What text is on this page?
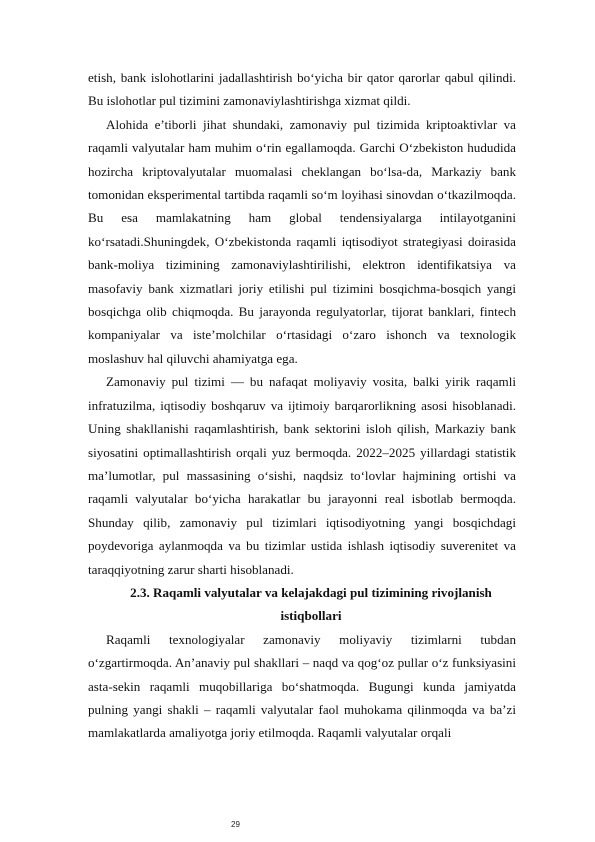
etish, bank islohotlarini jadallashtirish bo‘yicha bir qator qarorlar qabul qilindi. Bu islohotlar pul tizimini zamonaviylashtirishga xizmat qildi.

Alohida e’tiborli jihat shundaki, zamonaviy pul tizimida kriptoaktivlar va raqamli valyutalar ham muhim o‘rin egallamoqda. Garchi O‘zbekiston hududida hozircha kriptovalyutalar muomalasi cheklangan bo‘lsa-da, Markaziy bank tomonidan eksperimental tartibda raqamli so‘m loyihasi sinovdan o‘tkazilmoqda. Bu esa mamlakatning ham global tendensiyalarga intilayotganini ko‘rsatadi.Shuningdek, O‘zbekistonda raqamli iqtisodiyot strategiyasi doirasida bank-moliya tizimining zamonaviylashtirilishi, elektron identifikatsiya va masofaviy bank xizmatlari joriy etilishi pul tizimini bosqichma-bosqich yangi bosqichga olib chiqmoqda. Bu jarayonda regulyatorlar, tijorat banklari, fintech kompaniyalar va iste’molchilar o‘rtasidagi o‘zaro ishonch va texnologik moslashuv hal qiluvchi ahamiyatga ega.

Zamonaviy pul tizimi — bu nafaqat moliyaviy vosita, balki yirik raqamli infratuzilma, iqtisodiy boshqaruv va ijtimoiy barqarorlikning asosi hisoblanadi. Uning shakllanishi raqamlashtirish, bank sektorini isloh qilish, Markaziy bank siyosatini optimallashtirish orqali yuz bermoqda. 2022–2025 yillardagi statistik ma’lumotlar, pul massasining o‘sishi, naqdsiz to‘lovlar hajmining ortishi va raqamli valyutalar bo‘yicha harakatlar bu jarayonni real isbotlab bermoqda. Shunday qilib, zamonaviy pul tizimlari iqtisodiyotning yangi bosqichdagi poydevoriga aylanmoqda va bu tizimlar ustida ishlash iqtisodiy suverenitet va taraqqiyotning zarur sharti hisoblanadi.

2.3. Raqamli valyutalar va kelajakdagi pul tizimining rivojlanish istiqbollari

Raqamli texnologiyalar zamonaviy moliyaviy tizimlarni tubdan o‘zgartirmoqda. An’anaviy pul shakllari – naqd va qog‘oz pullar o‘z funksiyasini asta-sekin raqamli muqobillariga bo‘shatmoqda. Bugungi kunda jamiyatda pulning yangi shakli – raqamli valyutalar faol muhokama qilinmoqda va ba’zi mamlakatlarda amaliyotga joriy etilmoqda. Raqamli valyutalar orqali

29
